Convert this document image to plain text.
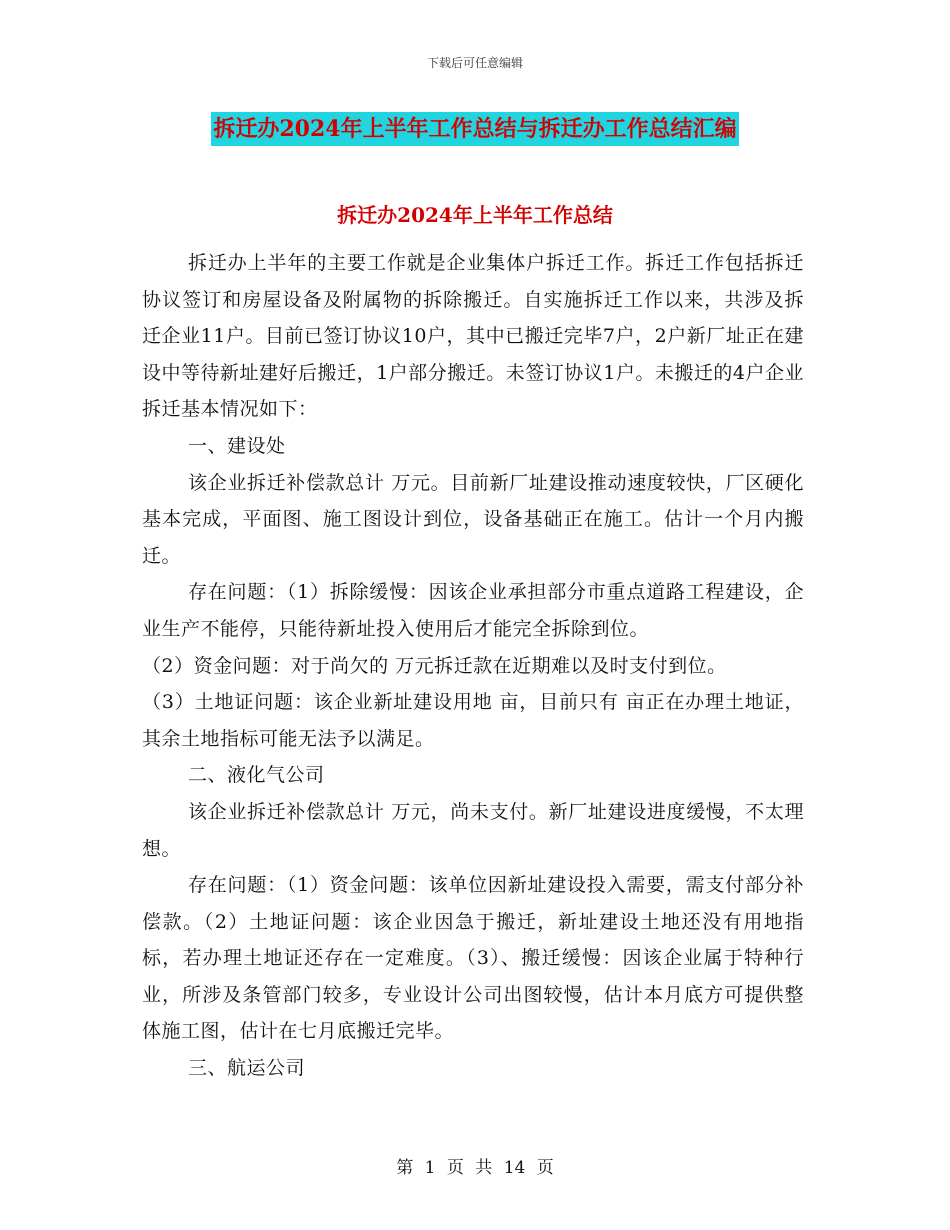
下载后可任意编辑
拆迁办2024年上半年工作总结与拆迁办工作总结汇编
拆迁办2024年上半年工作总结

拆迁办上半年的主要工作就是企业集体户拆迁工作。拆迁工作包括拆迁协议签订和房屋设备及附属物的拆除搬迁。自实施拆迁工作以来，共涉及拆迁企业11户。目前已签订协议10户，其中已搬迁完毕7户，2户新厂址正在建设中等待新址建好后搬迁，1户部分搬迁。未签订协议1户。未搬迁的4户企业拆迁基本情况如下：

一、建设处

该企业拆迁补偿款总计 万元。目前新厂址建设推动速度较快，厂区硬化基本完成，平面图、施工图设计到位，设备基础正在施工。估计一个月内搬迁。

存在问题：（1）拆除缓慢：因该企业承担部分市重点道路工程建设，企业生产不能停，只能待新址投入使用后才能完全拆除到位。

（2）资金问题：对于尚欠的 万元拆迁款在近期难以及时支付到位。

（3）土地证问题：该企业新址建设用地 亩，目前只有 亩正在办理土地证，其余土地指标可能无法予以满足。

二、液化气公司

该企业拆迁补偿款总计 万元，尚未支付。新厂址建设进度缓慢，不太理想。

存在问题：（1）资金问题：该单位因新址建设投入需要，需支付部分补偿款。（2）土地证问题：该企业因急于搬迁，新址建设土地还没有用地指标，若办理土地证还存在一定难度。（3）、搬迁缓慢：因该企业属于特种行业，所涉及条管部门较多，专业设计公司出图较慢，估计本月底方可提供整体施工图，估计在七月底搬迁完毕。

三、航运公司

第 1 页 共 14 页
